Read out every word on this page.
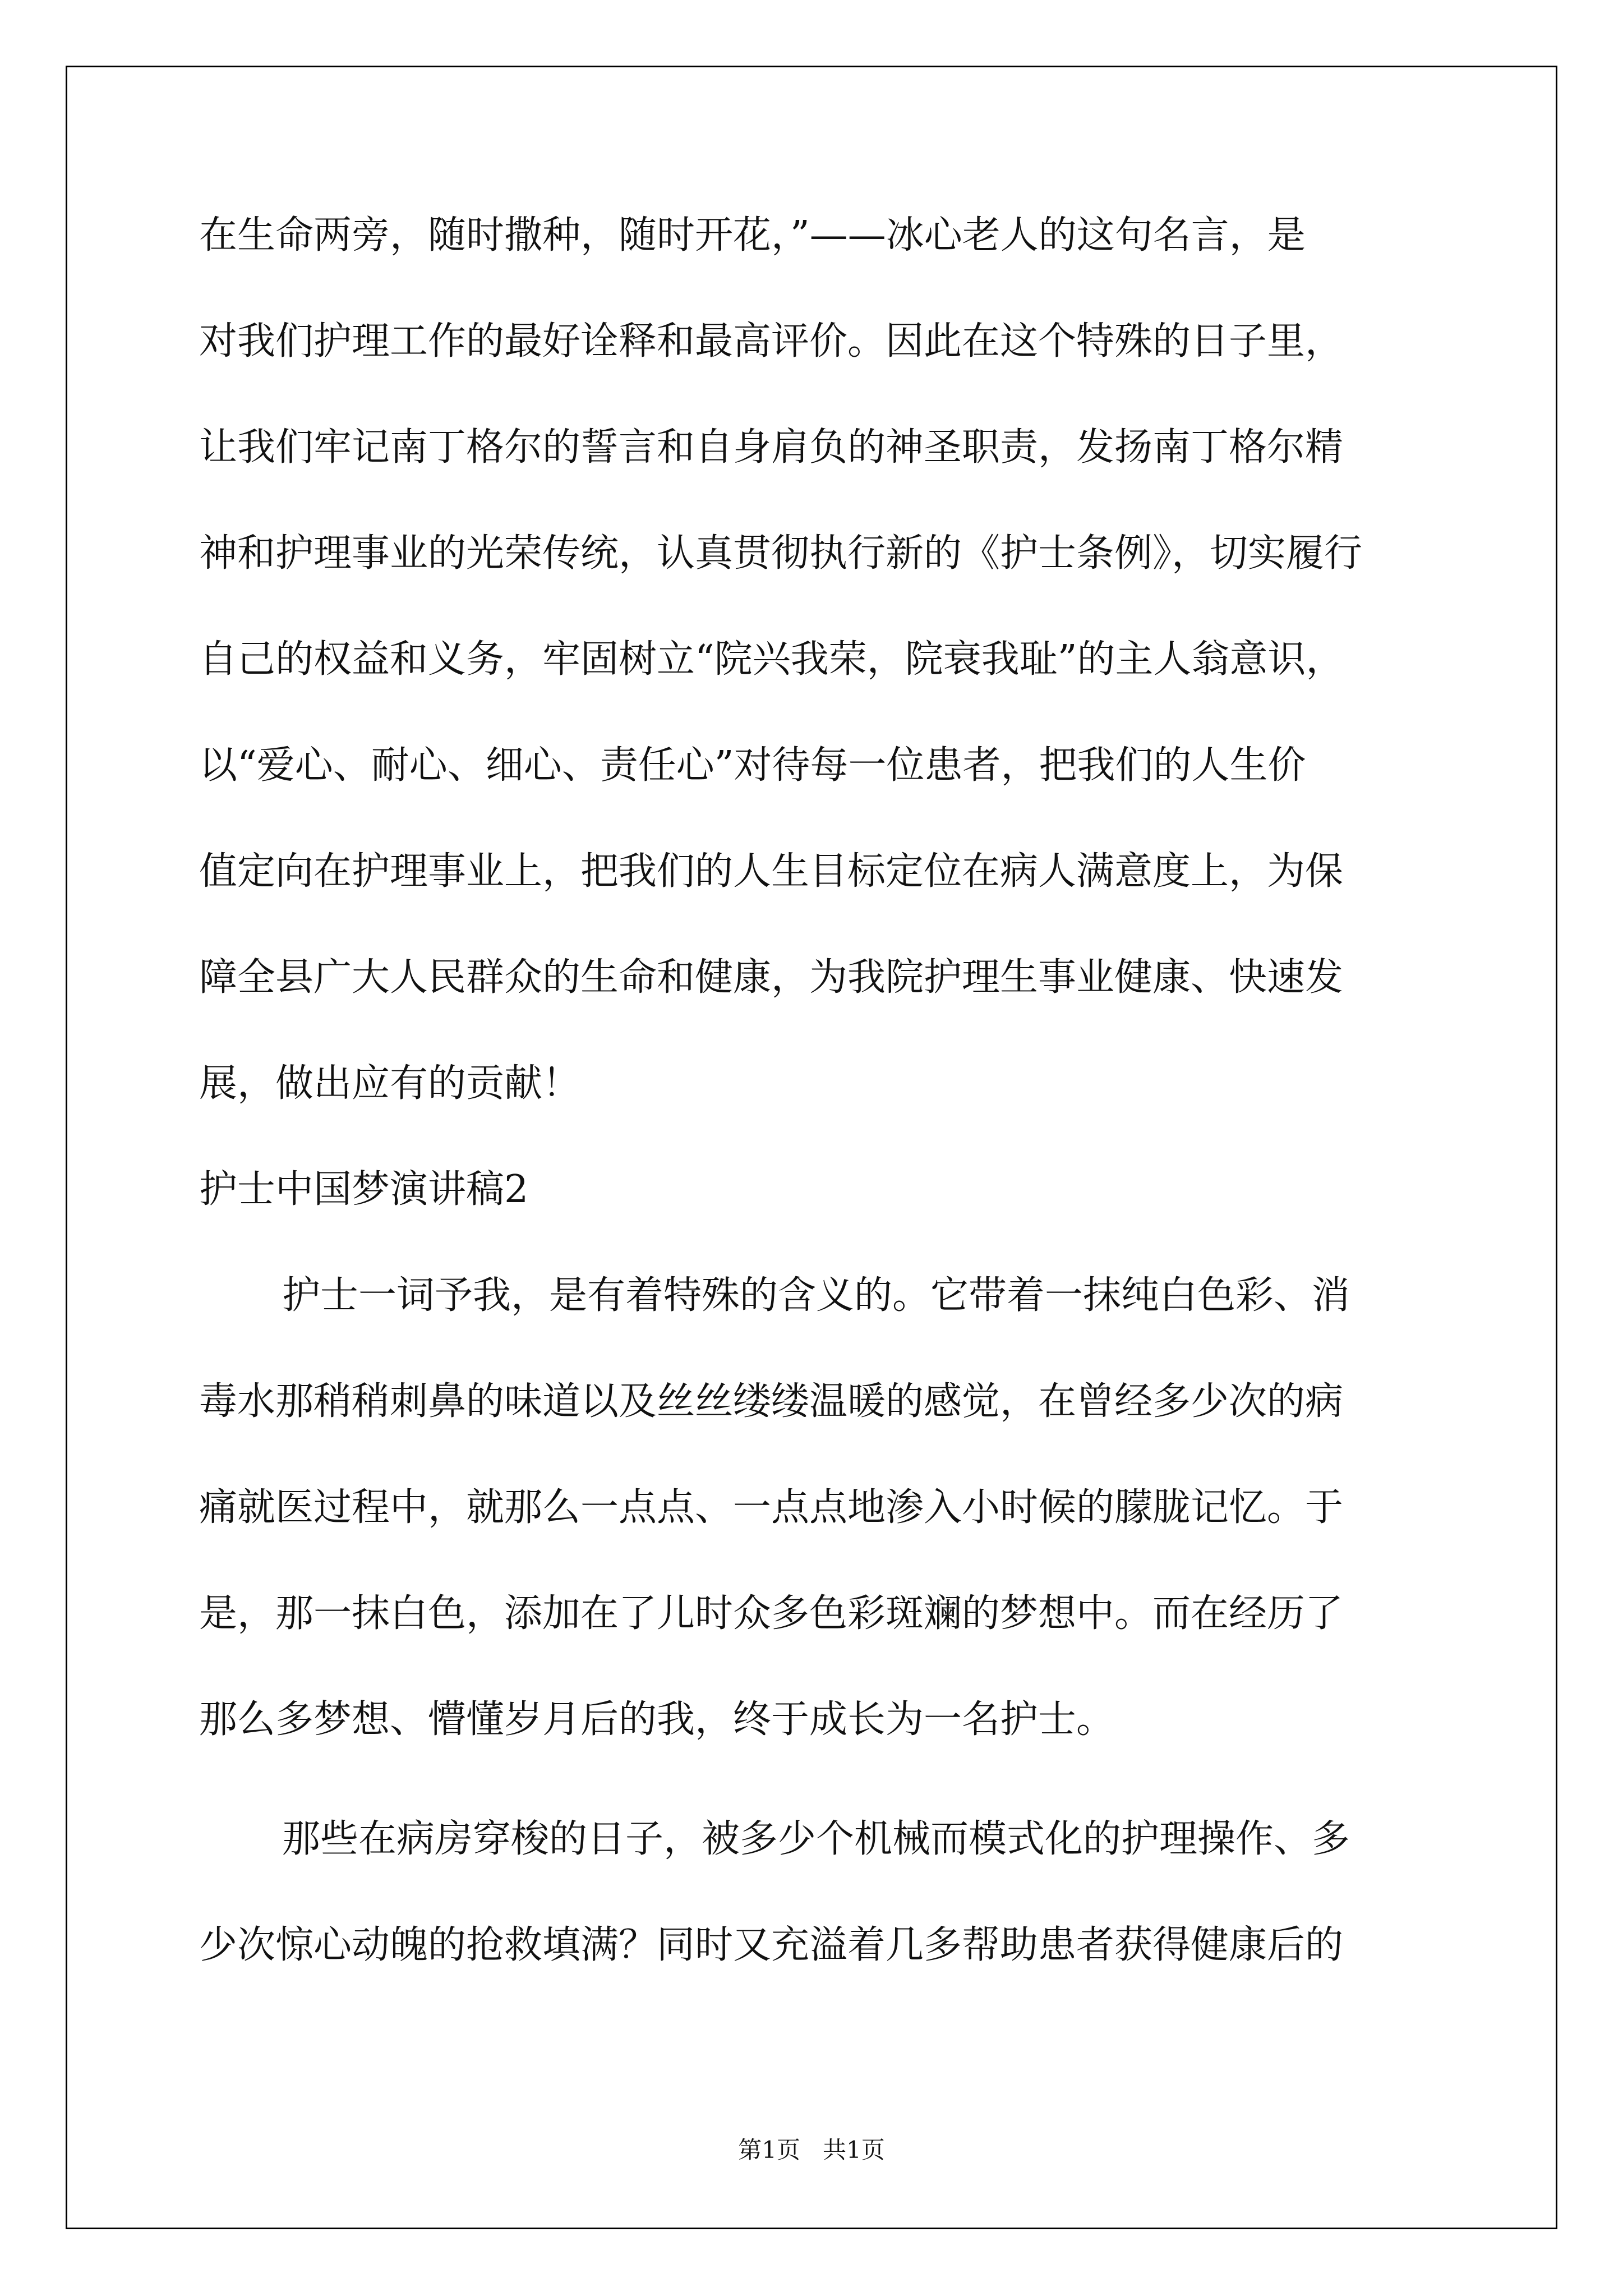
在生命两旁，随时撒种，随时开花，”——冰心老人的这句名言，是
对我们护理工作的最好诠释和最高评价。因此在这个特殊的日子里，
让我们牢记南丁格尔的誓言和自身肩负的神圣职责，发扬南丁格尔精
神和护理事业的光荣传统，认真贯彻执行新的《护士条例》，切实履行
自己的权益和义务，牢固树立“院兴我荣，院衰我耻”的主人翁意识，
以“爱心、耐心、细心、责任心”对待每一位患者，把我们的人生价
值定向在护理事业上，把我们的人生目标定位在病人满意度上，为保
障全县广大人民群众的生命和健康，为我院护理生事业健康、快速发
展，做出应有的贡献！
护士中国梦演讲稿2
护士一词予我，是有着特殊的含义的。它带着一抹纯白色彩、消
毒水那稍稍刺鼻的味道以及丝丝缕缕温暖的感觉，在曾经多少次的病
痛就医过程中，就那么一点点、一点点地渗入小时候的朦胧记忆。于
是，那一抹白色，添加在了儿时众多色彩斑斓的梦想中。而在经历了
那么多梦想、懵懂岁月后的我，终于成长为一名护士。
那些在病房穿梭的日子，被多少个机械而模式化的护理操作、多
少次惊心动魄的抢救填满？同时又充溢着几多帮助患者获得健康后的
第1页   共1页
